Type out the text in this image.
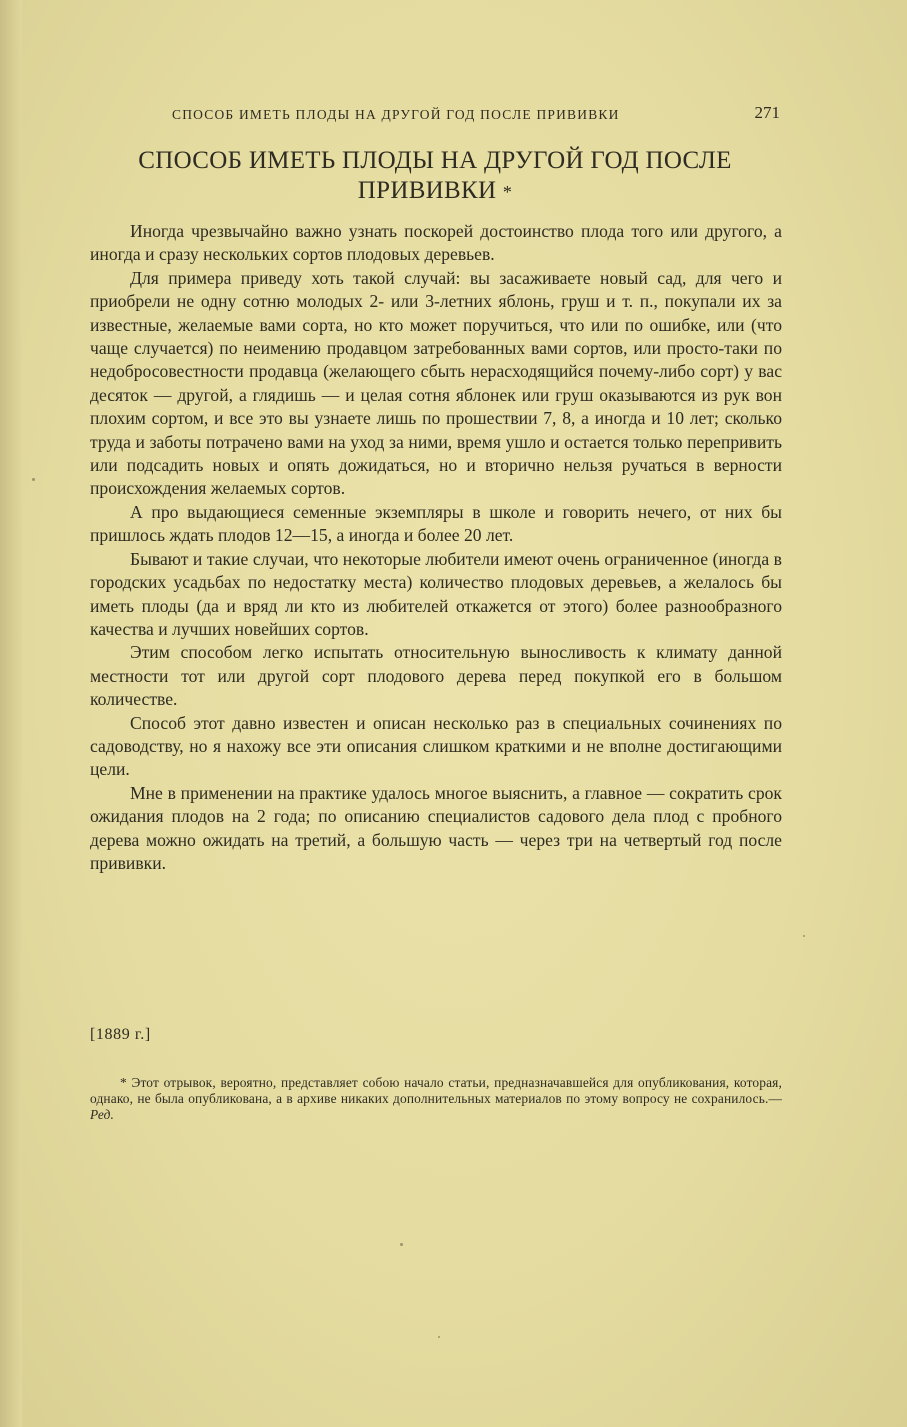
СПОСОБ ИМЕТЬ ПЛОДЫ НА ДРУГОЙ ГОД ПОСЛЕ ПРИВИВКИ	271
СПОСОБ ИМЕТЬ ПЛОДЫ НА ДРУГОЙ ГОД ПОСЛЕ
ПРИВИВКИ *

Иногда чрезвычайно важно узнать поскорей достоинство плода того или другого, а иногда и сразу нескольких сортов плодовых деревьев.

Для примера приведу хоть такой случай: вы засаживаете новый сад, для чего и приобрели не одну сотню молодых 2- или 3-летних яблонь, груш и т. п., покупали их за известные, желаемые вами сорта, но кто может поручиться, что или по ошибке, или (что чаще случается) по неимению продавцом затребованных вами сортов, или просто-таки по недобросовестности продавца (желающего сбыть нерасходящийся почему-либо сорт) у вас десяток — другой, а глядишь — и целая сотня яблонек или груш оказываются из рук вон плохим сортом, и все это вы узнаете лишь по прошествии 7, 8, а иногда и 10 лет; сколько труда и заботы потрачено вами на уход за ними, время ушло и остается только перепривить или подсадить новых и опять дожидаться, но и вторично нельзя ручаться в верности происхождения желаемых сортов.

А про выдающиеся семенные экземпляры в школе и говорить нечего, от них бы пришлось ждать плодов 12—15, а иногда и более 20 лет.

Бывают и такие случаи, что некоторые любители имеют очень ограниченное (иногда в городских усадьбах по недостатку места) количество плодовых деревьев, а желалось бы иметь плоды (да и вряд ли кто из любителей откажется от этого) более разнообразного качества и лучших новейших сортов.

Этим способом легко испытать относительную выносливость к климату данной местности тот или другой сорт плодового дерева перед покупкой его в большом количестве.

Способ этот давно известен и описан несколько раз в специальных сочинениях по садоводству, но я нахожу все эти описания слишком краткими и не вполне достигающими цели.

Мне в применении на практике удалось многое выяснить, а главное — сократить срок ожидания плодов на 2 года; по описанию специалистов садового дела плод с пробного дерева можно ожидать на третий, а большую часть — через три на четвертый год после прививки.

[1889 г.]
* Этот отрывок, вероятно, представляет собою начало статьи, предназначавшейся для опубликования, которая, однако, не была опубликована, а в архиве никаких дополнительных материалов по этому вопросу не сохранилось.—Ред.
